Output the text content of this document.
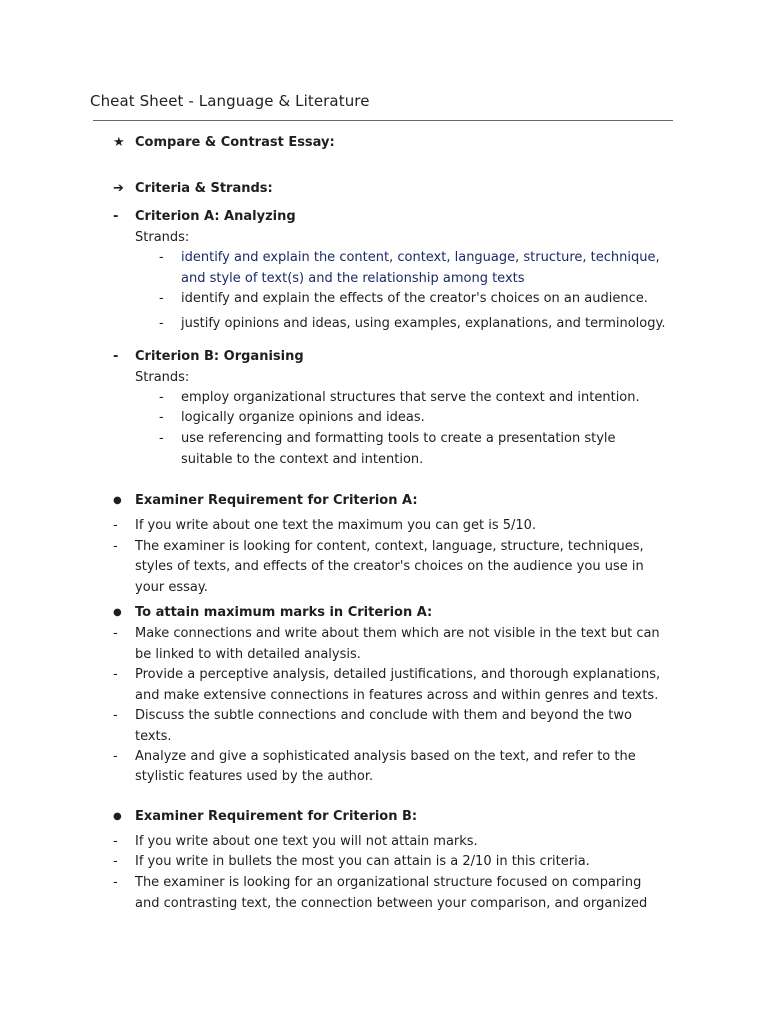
Cheat Sheet - Language & Literature
★ Compare & Contrast Essay:
➔ Criteria & Strands:
- Criterion A: Analyzing
Strands:
- identify and explain the content, context, language, structure, technique,
and style of text(s) and the relationship among texts
- identify and explain the effects of the creator's choices on an audience.
- justify opinions and ideas, using examples, explanations, and terminology.
- Criterion B: Organising
Strands:
- employ organizational structures that serve the context and intention.
- logically organize opinions and ideas.
- use referencing and formatting tools to create a presentation style
suitable to the context and intention.
● Examiner Requirement for Criterion A:
- If you write about one text the maximum you can get is 5/10.
- The examiner is looking for content, context, language, structure, techniques,
styles of texts, and effects of the creator's choices on the audience you use in
your essay.
● To attain maximum marks in Criterion A:
- Make connections and write about them which are not visible in the text but can
be linked to with detailed analysis.
- Provide a perceptive analysis, detailed justifications, and thorough explanations,
and make extensive connections in features across and within genres and texts.
- Discuss the subtle connections and conclude with them and beyond the two
texts.
- Analyze and give a sophisticated analysis based on the text, and refer to the
stylistic features used by the author.
● Examiner Requirement for Criterion B:
- If you write about one text you will not attain marks.
- If you write in bullets the most you can attain is a 2/10 in this criteria.
- The examiner is looking for an organizational structure focused on comparing
and contrasting text, the connection between your comparison, and organized
